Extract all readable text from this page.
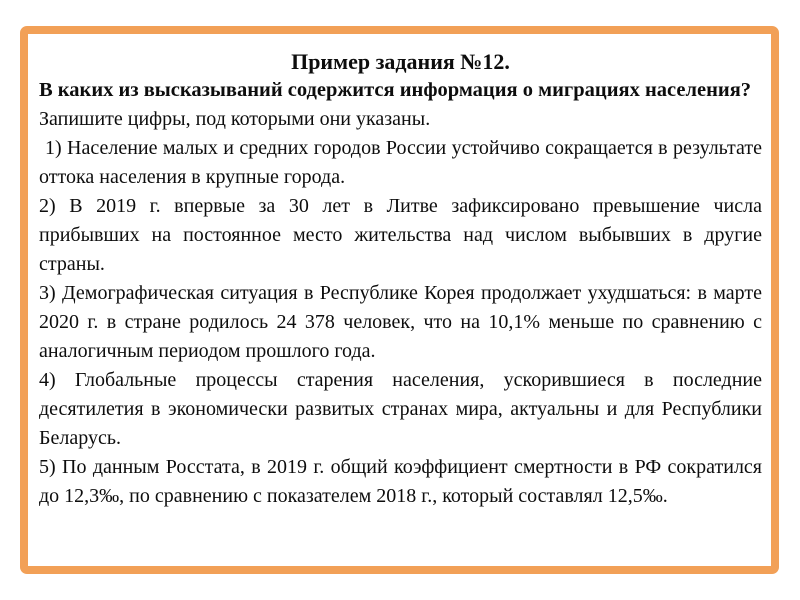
Пример задания №12.

В каких из высказываний содержится информация о миграциях населения?

Запишите цифры, под которыми они указаны.

1) Население малых и средних городов России устойчиво сокращается в результате оттока населения в крупные города.

2) В 2019 г. впервые за 30 лет в Литве зафиксировано превышение числа прибывших на постоянное место жительства над числом выбывших в другие страны.

3) Демографическая ситуация в Республике Корея продолжает ухудшаться: в марте 2020 г. в стране родилось 24 378 человек, что на 10,1% меньше по сравнению с аналогичным периодом прошлого года.

4) Глобальные процессы старения населения, ускорившиеся в последние десятилетия в экономически развитых странах мира, актуальны и для Республики Беларусь.

5) По данным Росстата, в 2019 г. общий коэффициент смертности в РФ сократился до 12,3‰, по сравнению с показателем 2018 г., который составлял 12,5‰.
